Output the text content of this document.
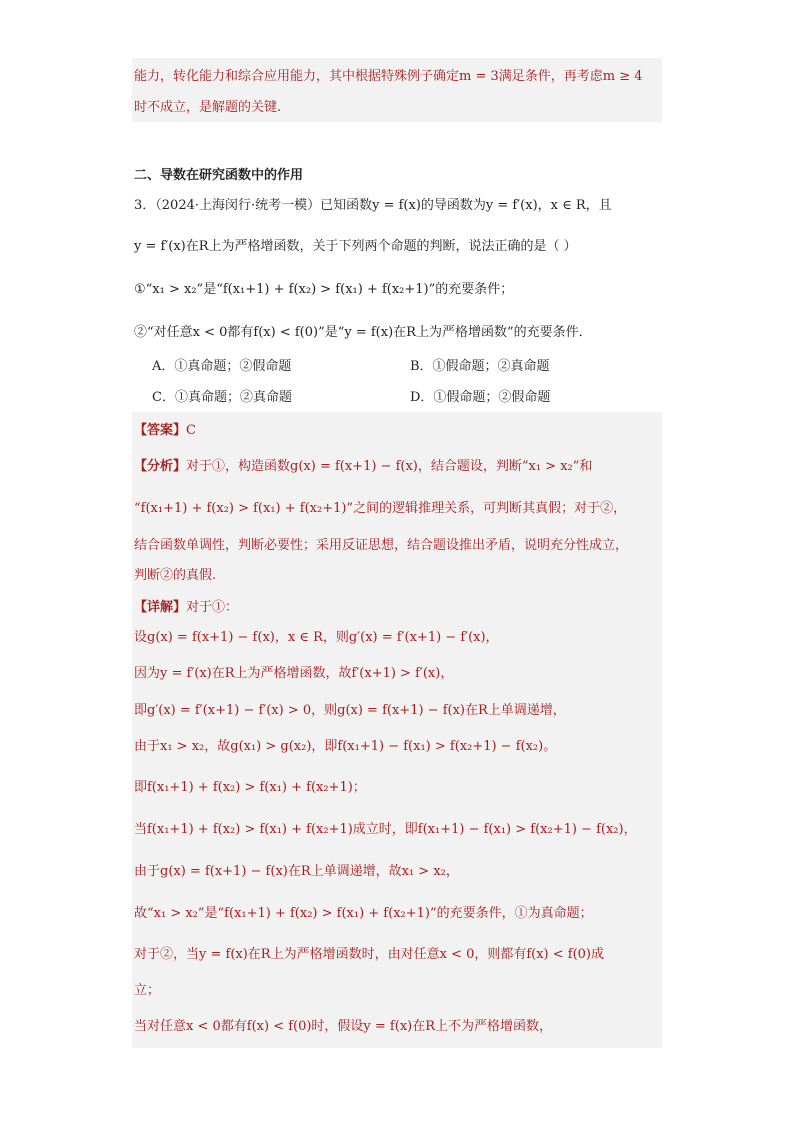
能力，转化能力和综合应用能力，其中根据特殊例子确定m = 3满足条件，再考虑m ≥ 4
时不成立，是解题的关键.
二、导数在研究函数中的作用
3．（2024·上海闵行·统考一模）已知函数y = f(x)的导函数为y = f′(x)，x ∈ R，且
y = f′(x)在R上为严格增函数，关于下列两个命题的判断，说法正确的是（ ）
①“x₁ > x₂”是“f(x₁+1) + f(x₂) > f(x₁) + f(x₂+1)”的充要条件；
②“对任意x < 0都有f(x) < f(0)”是“y = f(x)在R上为严格增函数”的充要条件．
A．①真命题；②假命题	B．①假命题；②真命题
C．①真命题；②真命题	D．①假命题；②假命题
【答案】C
【分析】对于①，构造函数g(x) = f(x+1) − f(x)，结合题设，判断“x₁ > x₂”和
“f(x₁+1) + f(x₂) > f(x₁) + f(x₂+1)”之间的逻辑推理关系，可判断其真假；对于②，
结合函数单调性，判断必要性；采用反证思想，结合题设推出矛盾，说明充分性成立，
判断②的真假.
【详解】对于①：
设g(x) = f(x+1) − f(x)，x ∈ R，则g′(x) = f′(x+1) − f′(x)，
因为y = f′(x)在R上为严格增函数，故f′(x+1) > f′(x)，
即g′(x) = f′(x+1) − f′(x) > 0，则g(x) = f(x+1) − f(x)在R上单调递增，
由于x₁ > x₂，故g(x₁) > g(x₂)，即f(x₁+1) − f(x₁) > f(x₂+1) − f(x₂)。
即f(x₁+1) + f(x₂) > f(x₁) + f(x₂+1)；
当f(x₁+1) + f(x₂) > f(x₁) + f(x₂+1)成立时，即f(x₁+1) − f(x₁) > f(x₂+1) − f(x₂)，
由于g(x) = f(x+1) − f(x)在R上单调递增，故x₁ > x₂，
故“x₁ > x₂”是“f(x₁+1) + f(x₂) > f(x₁) + f(x₂+1)”的充要条件，①为真命题；
对于②，当y = f(x)在R上为严格增函数时，由对任意x < 0，则都有f(x) < f(0)成
立；
当对任意x < 0都有f(x) < f(0)时，假设y = f(x)在R上不为严格增函数，
